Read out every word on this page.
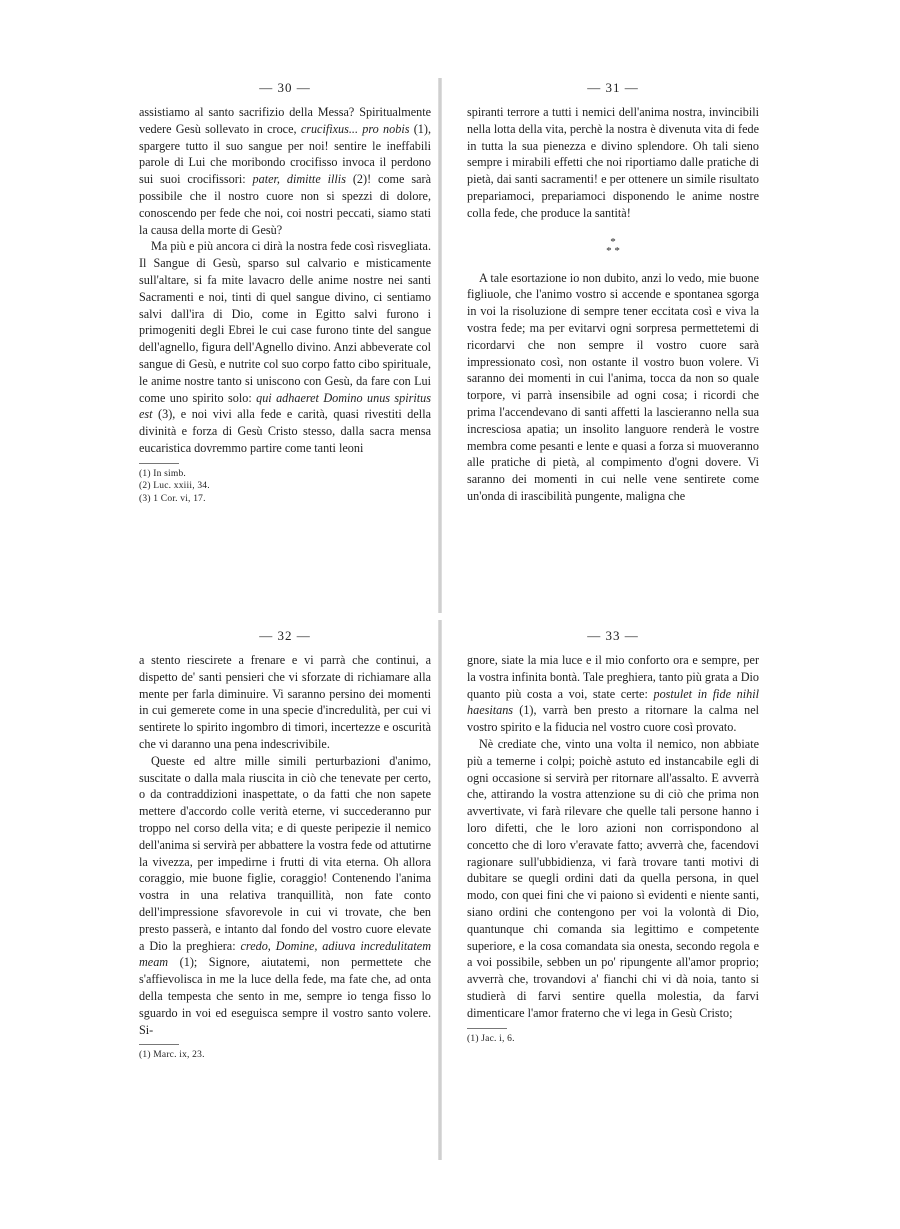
— 30 —

assistiamo al santo sacrifizio della Messa? Spiritualmente vedere Gesù sollevato in croce, crucifixus... pro nobis (1), spargere tutto il suo sangue per noi! sentire le ineffabili parole di Lui che moribondo crocifisso invoca il perdono sui suoi crocifissori: pater, dimitte illis (2)! come sarà possibile che il nostro cuore non si spezzi di dolore, conoscendo per fede che noi, coi nostri peccati, siamo stati la causa della morte di Gesù?

Ma più e più ancora ci dirà la nostra fede così risvegliata. Il Sangue di Gesù, sparso sul calvario e misticamente sull'altare, si fa mite lavacro delle anime nostre nei santi Sacramenti e noi, tinti di quel sangue divino, ci sentiamo salvi dall'ira di Dio, come in Egitto salvi furono i primogeniti degli Ebrei le cui case furono tinte del sangue dell'agnello, figura dell'Agnello divino. Anzi abbeverate col sangue di Gesù, e nutrite col suo corpo fatto cibo spirituale, le anime nostre tanto si uniscono con Gesù, da fare con Lui come uno spirito solo: qui adhaeret Domino unus spiritus est (3), e noi vivi alla fede e carità, quasi rivestiti della divinità e forza di Gesù Cristo stesso, dalla sacra mensa eucaristica dovremmo partire come tanti leoni

(1) In simb.

(2) Luc. xxiii, 34.

(3) 1 Cor. vi, 17.

— 31 —

spiranti terrore a tutti i nemici dell'anima nostra, invincibili nella lotta della vita, perchè la nostra è divenuta vita di fede in tutta la sua pienezza e divino splendore. Oh tali sieno sempre i mirabili effetti che noi riportiamo dalle pratiche di pietà, dai santi sacramenti! e per ottenere un simile risultato prepariamoci, prepariamoci disponendo le anime nostre colla fede, che produce la santità!

*
* *

A tale esortazione io non dubito, anzi lo vedo, mie buone figliuole, che l'animo vostro si accende e spontanea sgorga in voi la risoluzione di sempre tener eccitata così e viva la vostra fede; ma per evitarvi ogni sorpresa permettetemi di ricordarvi che non sempre il vostro cuore sarà impressionato così, non ostante il vostro buon volere. Vi saranno dei momenti in cui l'anima, tocca da non so quale torpore, vi parrà insensibile ad ogni cosa; i ricordi che prima l'accendevano di santi affetti la lascieranno nella sua incresciosa apatia; un insolito languore renderà le vostre membra come pesanti e lente e quasi a forza si muoveranno alle pratiche di pietà, al compimento d'ogni dovere. Vi saranno dei momenti in cui nelle vene sentirete come un'onda di irascibilità pungente, maligna che

— 32 —

a stento riescirete a frenare e vi parrà che continui, a dispetto de' santi pensieri che vi sforzate di richiamare alla mente per farla diminuire. Vi saranno persino dei momenti in cui gemerete come in una specie d'incredulità, per cui vi sentirete lo spirito ingombro di timori, incertezze e oscurità che vi daranno una pena indescrivibile.

Queste ed altre mille simili perturbazioni d'animo, suscitate o dalla mala riuscita in ciò che tenevate per certo, o da contraddizioni inaspettate, o da fatti che non sapete mettere d'accordo colle verità eterne, vi succederanno pur troppo nel corso della vita; e di queste peripezie il nemico dell'anima si servirà per abbattere la vostra fede od attutirne la vivezza, per impedirne i frutti di vita eterna. Oh allora coraggio, mie buone figlie, coraggio! Contenendo l'anima vostra in una relativa tranquillità, non fate conto dell'impressione sfavorevole in cui vi trovate, che ben presto passerà, e intanto dal fondo del vostro cuore elevate a Dio la preghiera: credo, Domine, adiuva incredulitatem meam (1); Signore, aiutatemi, non permettete che s'affievolisca in me la luce della fede, ma fate che, ad onta della tempesta che sento in me, sempre io tenga fisso lo sguardo in voi ed eseguisca sempre il vostro santo volere. Si-

(1) Marc. ix, 23.

— 33 —

gnore, siate la mia luce e il mio conforto ora e sempre, per la vostra infinita bontà. Tale preghiera, tanto più grata a Dio quanto più costa a voi, state certe: postulet in fide nihil haesitans (1), varrà ben presto a ritornare la calma nel vostro spirito e la fiducia nel vostro cuore così provato.

Nè crediate che, vinto una volta il nemico, non abbiate più a temerne i colpi; poichè astuto ed instancabile egli di ogni occasione si servirà per ritornare all'assalto. E avverrà che, attirando la vostra attenzione su di ciò che prima non avvertivate, vi farà rilevare che quelle tali persone hanno i loro difetti, che le loro azioni non corrispondono al concetto che di loro v'eravate fatto; avverrà che, facendovi ragionare sull'ubbidienza, vi farà trovare tanti motivi di dubitare se quegli ordini dati da quella persona, in quel modo, con quei fini che vi paiono sì evidenti e niente santi, siano ordini che contengono per voi la volontà di Dio, quantunque chi comanda sia legittimo e competente superiore, e la cosa comandata sia onesta, secondo regola e a voi possibile, sebben un po' ripungente all'amor proprio; avverrà che, trovandovi a' fianchi chi vi dà noia, tanto si studierà di farvi sentire quella molestia, da farvi dimenticare l'amor fraterno che vi lega in Gesù Cristo;

(1) Jac. i, 6.
